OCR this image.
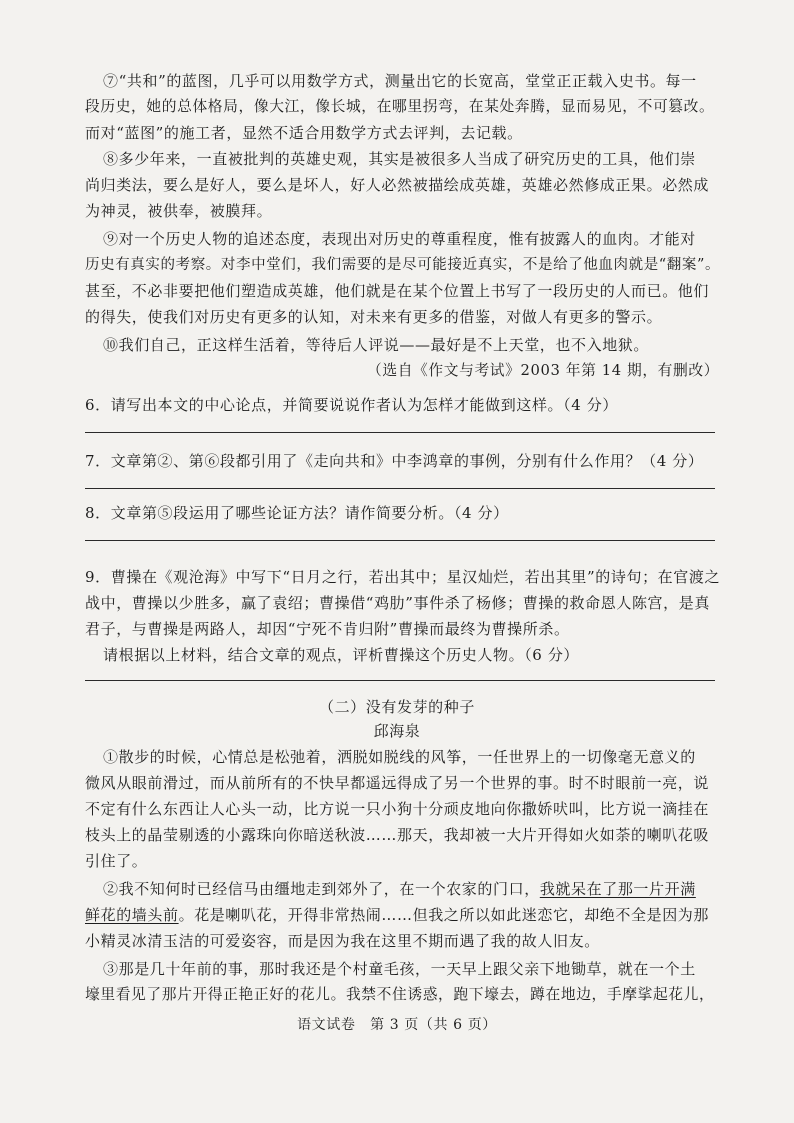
⑦“共和”的蓝图，几乎可以用数学方式，测量出它的长宽高，堂堂正正载入史书。每一
段历史，她的总体格局，像大江，像长城，在哪里拐弯，在某处奔腾，显而易见，不可篡改。
而对“蓝图”的施工者，显然不适合用数学方式去评判，去记载。
⑧多少年来，一直被批判的英雄史观，其实是被很多人当成了研究历史的工具，他们崇
尚归类法，要么是好人，要么是坏人，好人必然被描绘成英雄，英雄必然修成正果。必然成
为神灵，被供奉，被膜拜。
⑨对一个历史人物的追述态度，表现出对历史的尊重程度，惟有披露人的血肉。才能对
历史有真实的考察。对李中堂们，我们需要的是尽可能接近真实，不是给了他血肉就是“翻案”。
甚至，不必非要把他们塑造成英雄，他们就是在某个位置上书写了一段历史的人而已。他们
的得失，使我们对历史有更多的认知，对未来有更多的借鉴，对做人有更多的警示。
⑩我们自己，正这样生活着，等待后人评说——最好是不上天堂，也不入地狱。
（选自《作文与考试》2003 年第 14 期，有删改）
6．请写出本文的中心论点，并简要说说作者认为怎样才能做到这样。（4 分）
7．文章第②、第⑥段都引用了《走向共和》中李鸿章的事例，分别有什么作用？（4 分）
8．文章第⑤段运用了哪些论证方法？请作简要分析。（4 分）
9．曹操在《观沧海》中写下“日月之行，若出其中；星汉灿烂，若出其里”的诗句；在官渡之
战中，曹操以少胜多，赢了袁绍；曹操借“鸡肋”事件杀了杨修；曹操的救命恩人陈宫，是真
君子，与曹操是两路人，却因“宁死不肯归附”曹操而最终为曹操所杀。
请根据以上材料，结合文章的观点，评析曹操这个历史人物。（6 分）
（二）没有发芽的种子
邱海泉
①散步的时候，心情总是松弛着，洒脱如脱线的风筝，一任世界上的一切像毫无意义的
微风从眼前滑过，而从前所有的不快早都遥远得成了另一个世界的事。时不时眼前一亮，说
不定有什么东西让人心头一动，比方说一只小狗十分顽皮地向你撒娇吠叫，比方说一滴挂在
枝头上的晶莹剔透的小露珠向你暗送秋波……那天，我却被一大片开得如火如荼的喇叭花吸
引住了。
②我不知何时已经信马由缰地走到郊外了，在一个农家的门口，我就呆在了那一片开满
鲜花的墙头前。花是喇叭花，开得非常热闹……但我之所以如此迷恋它，却绝不全是因为那
小精灵冰清玉洁的可爱姿容，而是因为我在这里不期而遇了我的故人旧友。
③那是几十年前的事，那时我还是个村童毛孩，一天早上跟父亲下地锄草，就在一个土
壕里看见了那片开得正艳正好的花儿。我禁不住诱惑，跑下壕去，蹲在地边，手摩挲起花儿，
语文试卷　第 3 页（共 6 页）
